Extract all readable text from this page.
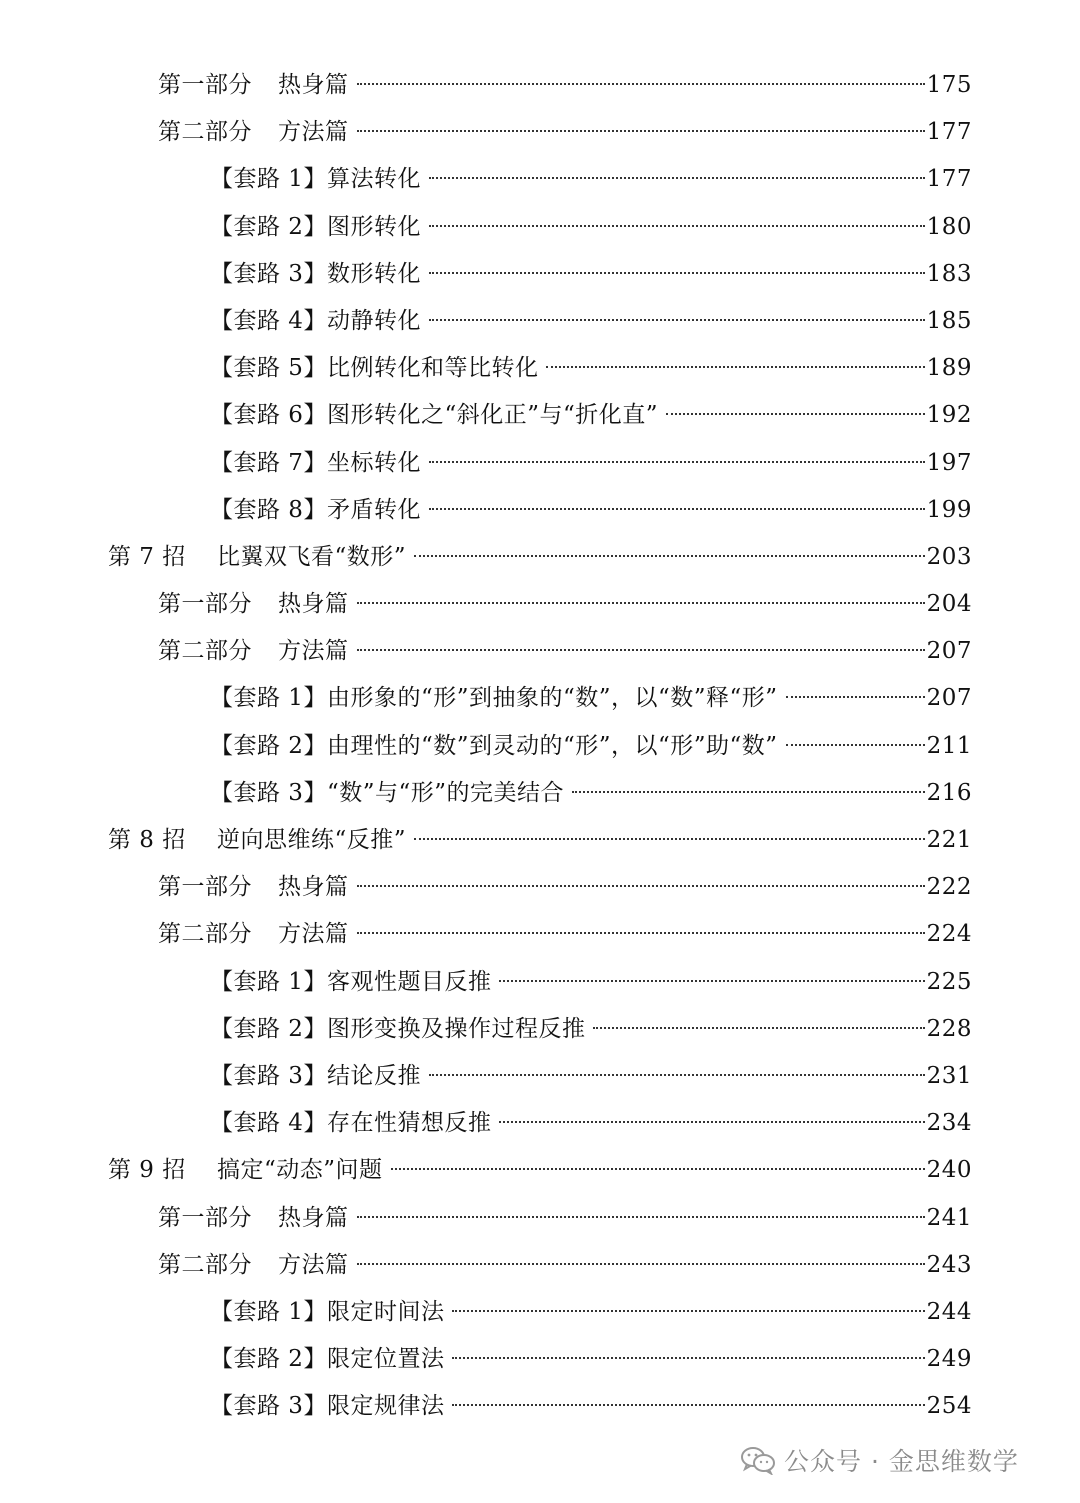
第一部分	热身篇	175
第二部分	方法篇	177
【套路 1】 算法转化	177
【套路 2】 图形转化	180
【套路 3】 数形转化	183
【套路 4】 动静转化	185
【套路 5】 比例转化和等比转化	189
【套路 6】 图形转化之“斜化正”与“折化直”	192
【套路 7】 坐标转化	197
【套路 8】 矛盾转化	199
第 7 招	比翼双飞看“数形”	203
第一部分	热身篇	204
第二部分	方法篇	207
【套路 1】 由形象的“形”到抽象的“数”，以“数”释“形”	207
【套路 2】 由理性的“数”到灵动的“形”，以“形”助“数”	211
【套路 3】 “数”与“形”的完美结合	216
第 8 招	逆向思维练“反推”	221
第一部分	热身篇	222
第二部分	方法篇	224
【套路 1】 客观性题目反推	225
【套路 2】 图形变换及操作过程反推	228
【套路 3】 结论反推	231
【套路 4】 存在性猜想反推	234
第 9 招	搞定“动态”问题	240
第一部分	热身篇	241
第二部分	方法篇	243
【套路 1】 限定时间法	244
【套路 2】 限定位置法	249
【套路 3】 限定规律法	254
公众号 · 金思维数学
